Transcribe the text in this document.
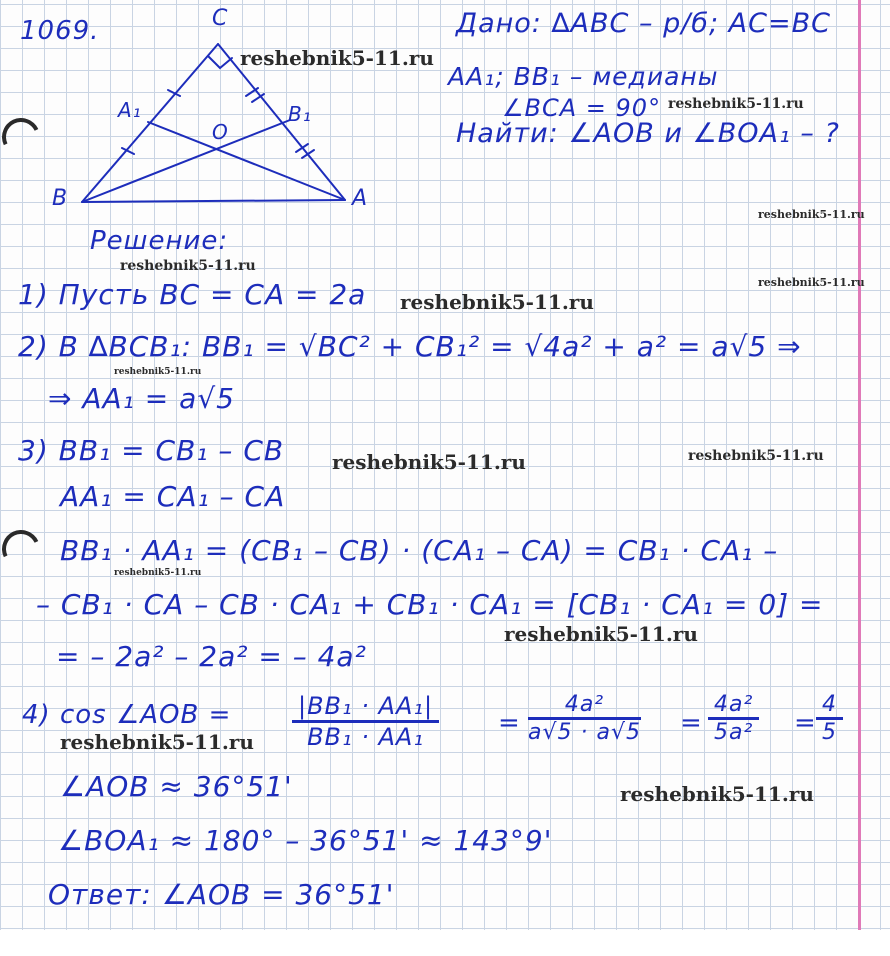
1069.	C
A₁	B₁
O
B	A
Дано: ∆ABC – р/б; AC=BC
AA₁; BB₁ – медианы
∠BCA = 90°
Найти: ∠AOB и ∠BOA₁ – ?
Решение:
1) Пусть BC = CA = 2a
2) В ∆BCB₁: BB₁ = √BC² + CB₁² = √4a² + a² = a√5 ⇒
⇒ AA₁ = a√5
3) BB₁ = CB₁ – CB
AA₁ = CA₁ – CA
BB₁ · AA₁ = (CB₁ – CB) · (CA₁ – CA) = CB₁ · CA₁ –
– CB₁ · CA – CB · CA₁ + CB₁ · CA₁ = [CB₁ · CA₁ = 0] =
= – 2a² – 2a² = – 4a²
4) cos ∠AOB =	$\frac{\text{|BB₁ · AA₁|}}{\text{BB₁ · AA₁}} = \frac{\text{4a²}}{a√5 \cdot a√5} = \frac{\text{4a²}}{\text{5a²}} = \frac{4}{5}$
∠AOB ≈ 36°51'
∠BOA₁ ≈ 180° – 36°51' ≈ 143°9'
Ответ: ∠AOB = 36°51'
reshebnik5-11.ru
reshebnik5-11.ru
reshebnik5-11.ru
reshebnik5-11.ru
reshebnik5-11.ru
reshebnik5-11.ru
reshebnik5-11.ru
reshebnik5-11.ru	reshebnik5-11.ru
reshebnik5-11.ru
reshebnik5-11.ru
reshebnik5-11.ru
reshebnik5-11.ru
